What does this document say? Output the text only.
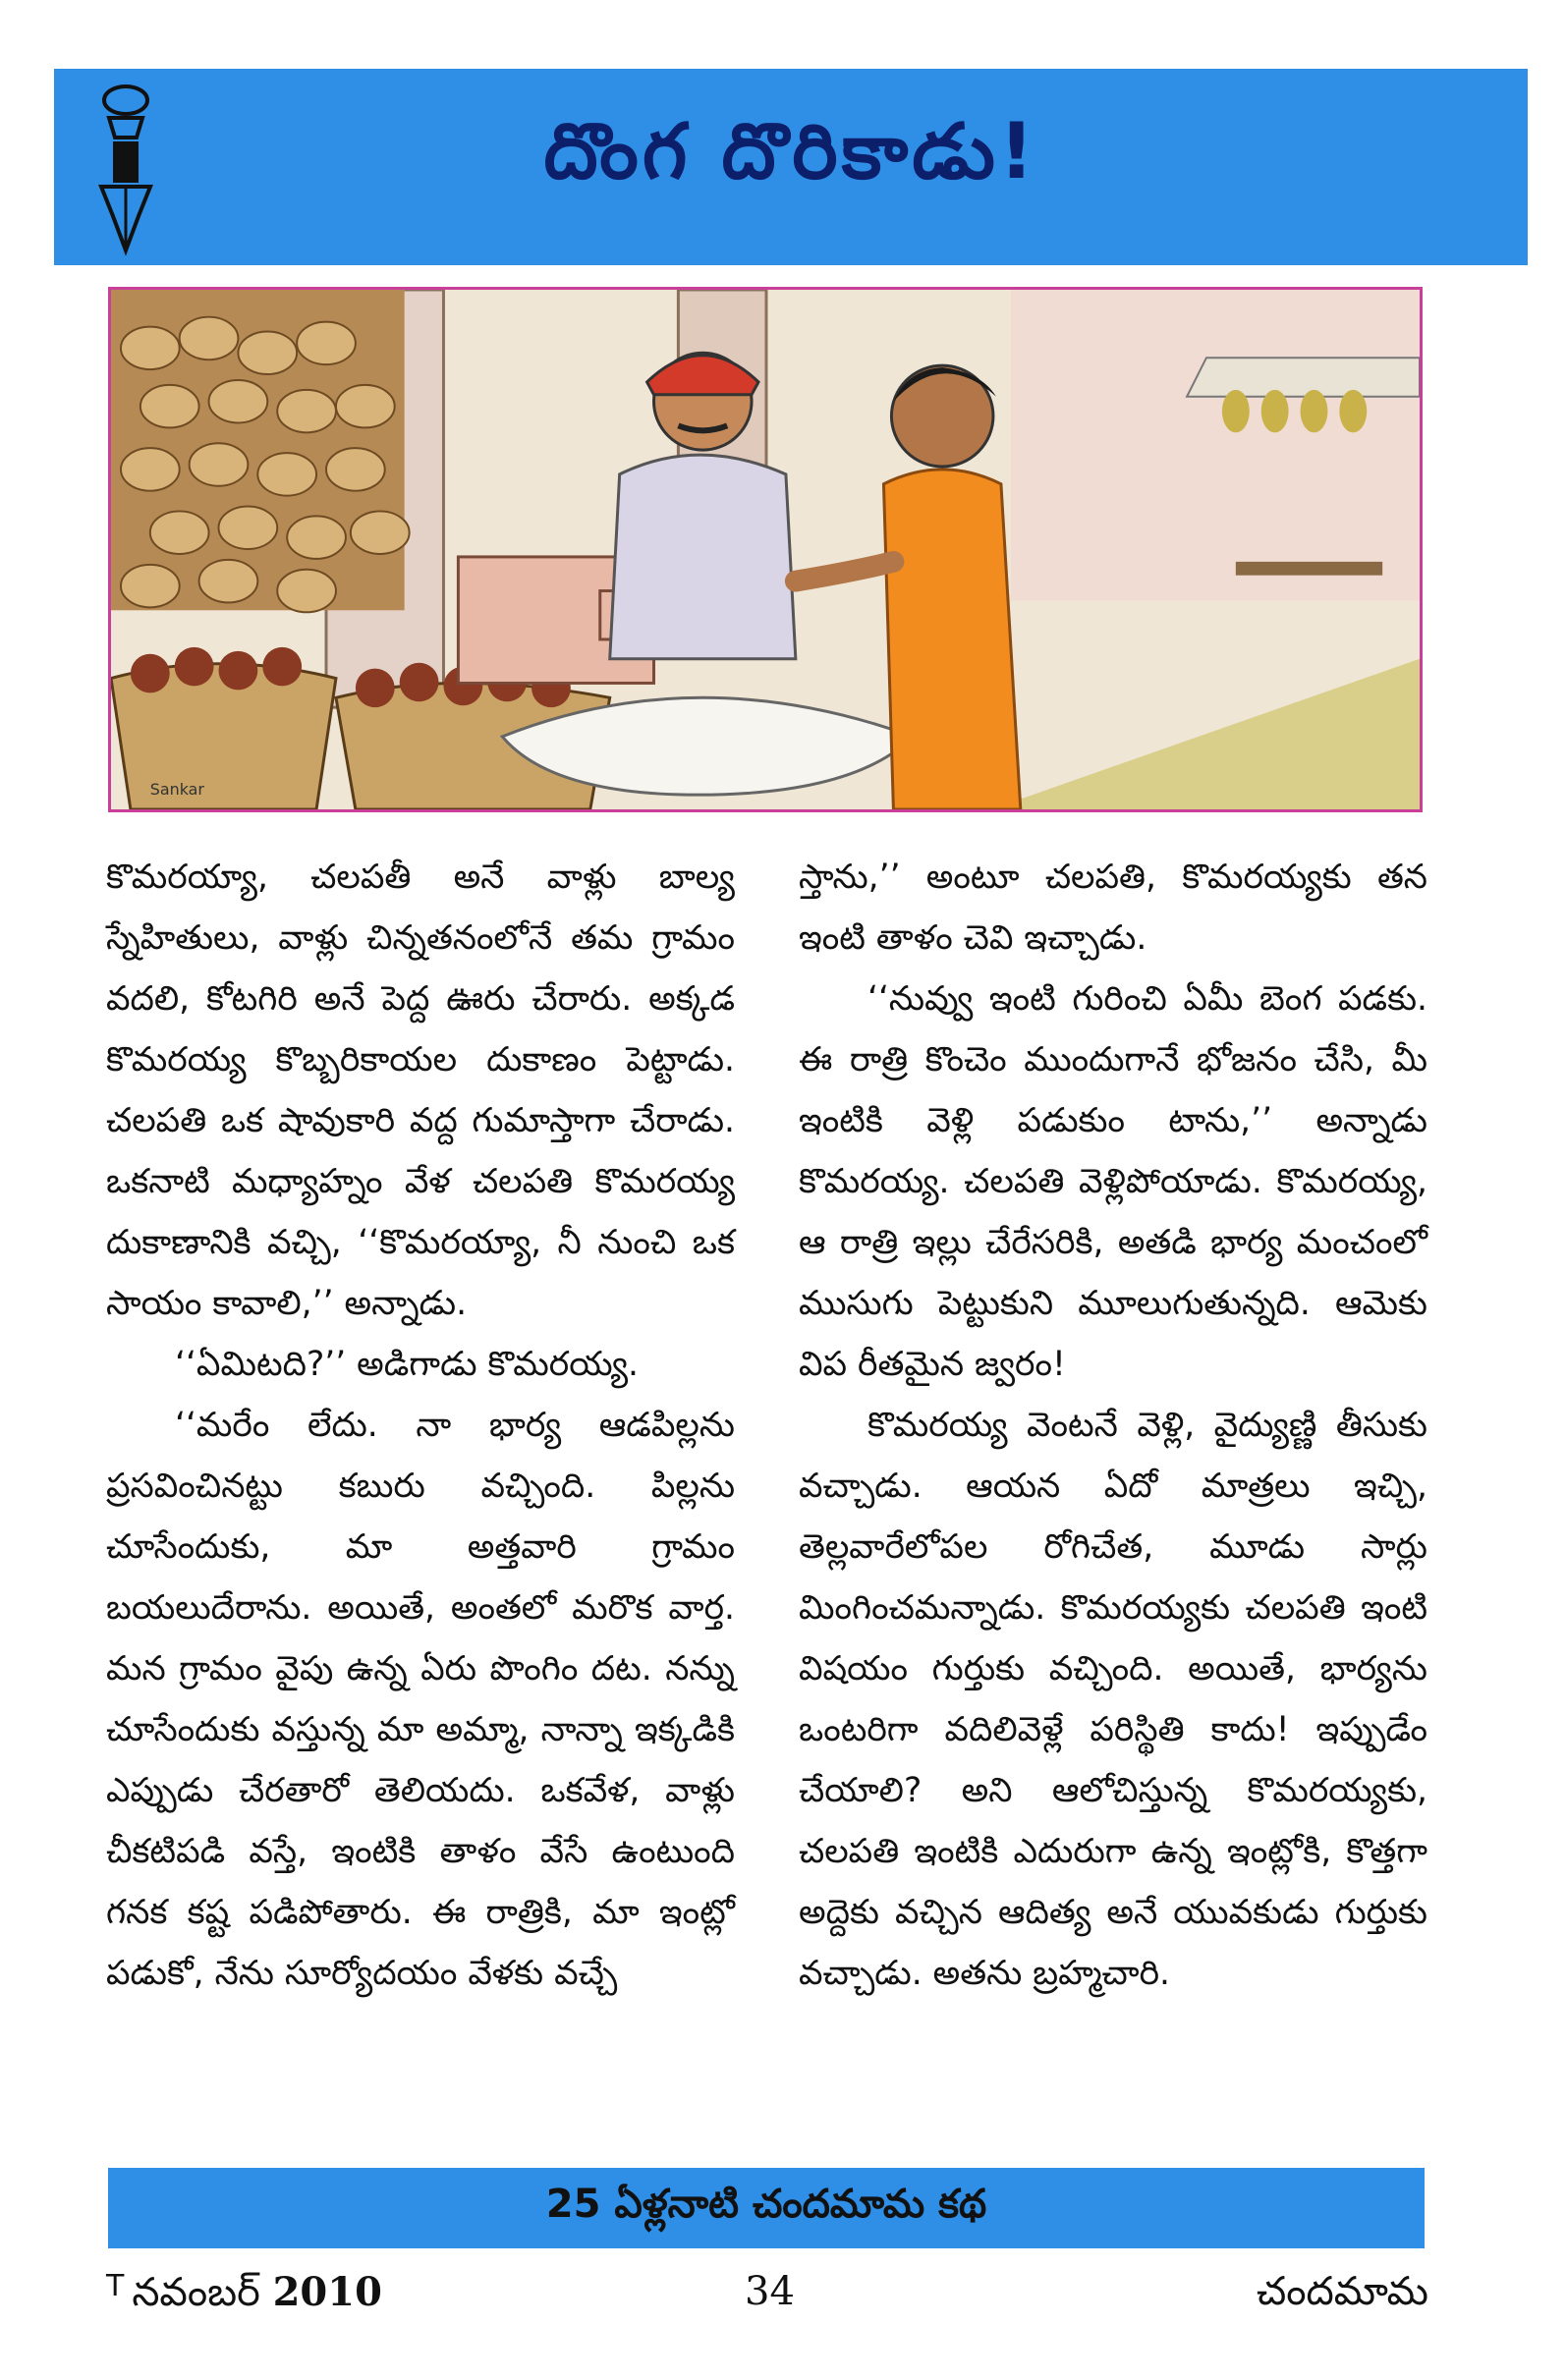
దొంగ దొరికాడు!
Sankar

కొమరయ్యా, చలపతీ అనే వాళ్లు బాల్య స్నేహితులు, వాళ్లు చిన్నతనంలోనే తమ గ్రామం వదలి, కోటగిరి అనే పెద్ద ఊరు చేరారు. అక్కడ కొమరయ్య కొబ్బరికాయల దుకాణం పెట్టాడు. చలపతి ఒక షావుకారి వద్ద గుమాస్తాగా చేరాడు. ఒకనాటి మధ్యాహ్నం వేళ చలపతి కొమరయ్య దుకాణానికి వచ్చి, ‘‘కొమరయ్యా, నీ నుంచి ఒక సాయం కావాలి,’’ అన్నాడు.

‘‘ఏమిటది?’’ అడిగాడు కొమరయ్య.

‘‘మరేం లేదు. నా భార్య ఆడపిల్లను ప్రసవించినట్టు కబురు వచ్చింది. పిల్లను చూసేందుకు, మా అత్తవారి గ్రామం బయలుదేరాను. అయితే, అంతలో మరొక వార్త. మన గ్రామం వైపు ఉన్న ఏరు పొంగిం దట. నన్ను చూసేందుకు వస్తున్న మా అమ్మా, నాన్నా ఇక్కడికి ఎప్పుడు చేరతారో తెలియదు. ఒకవేళ, వాళ్లు చీకటిపడి వస్తే, ఇంటికి తాళం వేసే ఉంటుంది గనక కష్ట పడిపోతారు. ఈ రాత్రికి, మా ఇంట్లో పడుకో, నేను సూర్యోదయం వేళకు వచ్చే

స్తాను,’’ అంటూ చలపతి, కొమరయ్యకు తన ఇంటి తాళం చెవి ఇచ్చాడు.

‘‘నువ్వు ఇంటి గురించి ఏమీ బెంగ పడకు. ఈ రాత్రి కొంచెం ముందుగానే భోజనం చేసి, మీ ఇంటికి వెళ్లి పడుకుం టాను,’’ అన్నాడు కొమరయ్య. చలపతి వెళ్లిపోయాడు. కొమరయ్య, ఆ రాత్రి ఇల్లు చేరేసరికి, అతడి భార్య మంచంలో ముసుగు పెట్టుకుని మూలుగుతున్నది. ఆమెకు విప రీతమైన జ్వరం!

కొమరయ్య వెంటనే వెళ్లి, వైద్యుణ్ణి తీసుకు వచ్చాడు. ఆయన ఏదో మాత్రలు ఇచ్చి, తెల్లవారేలోపల రోగిచేత, మూడు సార్లు మింగించమన్నాడు. కొమరయ్యకు చలపతి ఇంటి విషయం గుర్తుకు వచ్చింది. అయితే, భార్యను ఒంటరిగా వదిలివెళ్లే పరిస్థితి కాదు! ఇప్పుడేం చేయాలి? అని ఆలోచిస్తున్న కొమరయ్యకు, చలపతి ఇంటికి ఎదురుగా ఉన్న ఇంట్లోకి, కొత్తగా అద్దెకు వచ్చిన ఆదిత్య అనే యువకుడు గుర్తుకు వచ్చాడు. అతను బ్రహ్మచారి.

25 ఏళ్లనాటి చందమామ కథ
$^T$ నవంబర్ 2010	34	చందమామ
